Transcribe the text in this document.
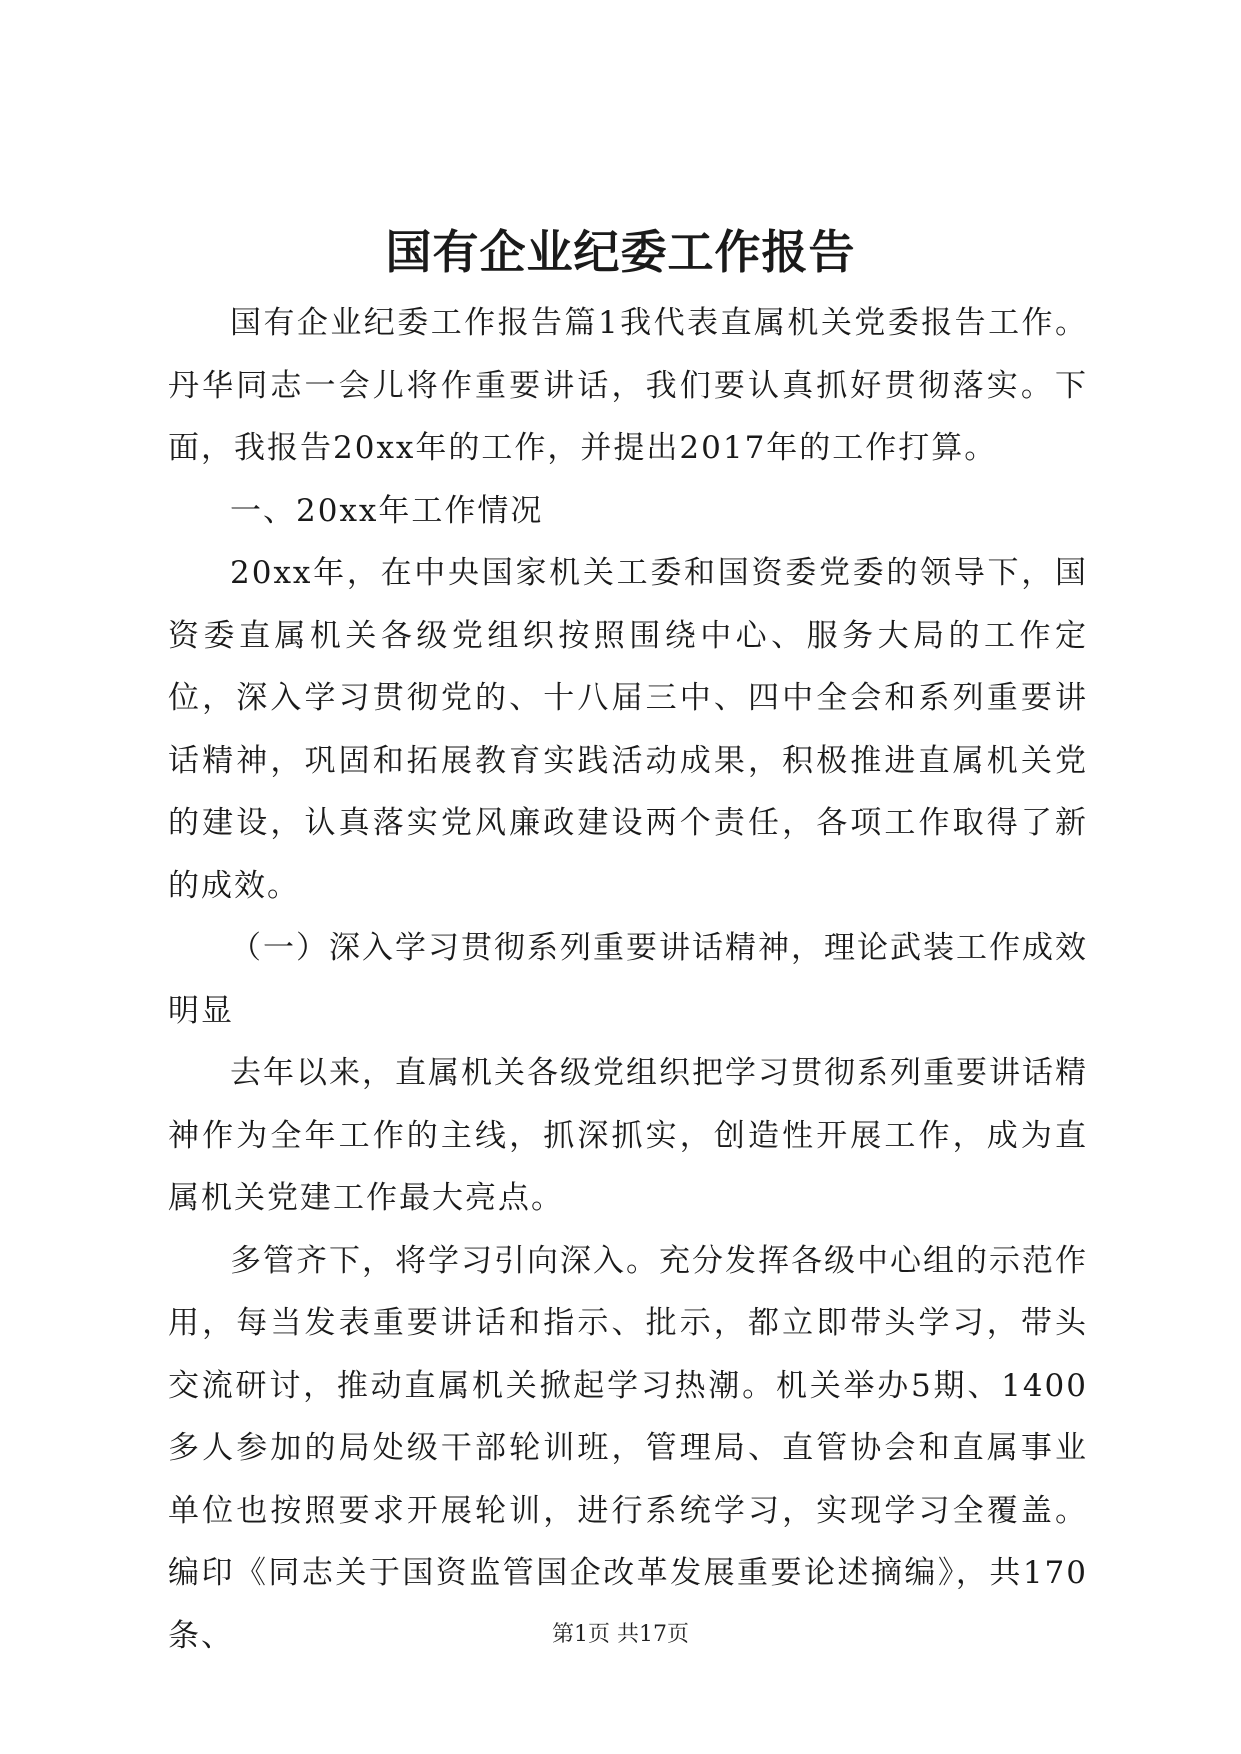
国有企业纪委工作报告

国有企业纪委工作报告篇1我代表直属机关党委报告工作。丹华同志一会儿将作重要讲话，我们要认真抓好贯彻落实。下面，我报告20xx年的工作，并提出2017年的工作打算。

一、20xx年工作情况

20xx年，在中央国家机关工委和国资委党委的领导下，国资委直属机关各级党组织按照围绕中心、服务大局的工作定位，深入学习贯彻党的、十八届三中、四中全会和系列重要讲话精神，巩固和拓展教育实践活动成果，积极推进直属机关党的建设，认真落实党风廉政建设两个责任，各项工作取得了新的成效。

（一）深入学习贯彻系列重要讲话精神，理论武装工作成效明显

去年以来，直属机关各级党组织把学习贯彻系列重要讲话精神作为全年工作的主线，抓深抓实，创造性开展工作，成为直属机关党建工作最大亮点。

多管齐下，将学习引向深入。充分发挥各级中心组的示范作用，每当发表重要讲话和指示、批示，都立即带头学习，带头交流研讨，推动直属机关掀起学习热潮。机关举办5期、1400多人参加的局处级干部轮训班，管理局、直管协会和直属事业单位也按照要求开展轮训，进行系统学习，实现学习全覆盖。编印《同志关于国资监管国企改革发展重要论述摘编》，共170条、	第1页 共17页
